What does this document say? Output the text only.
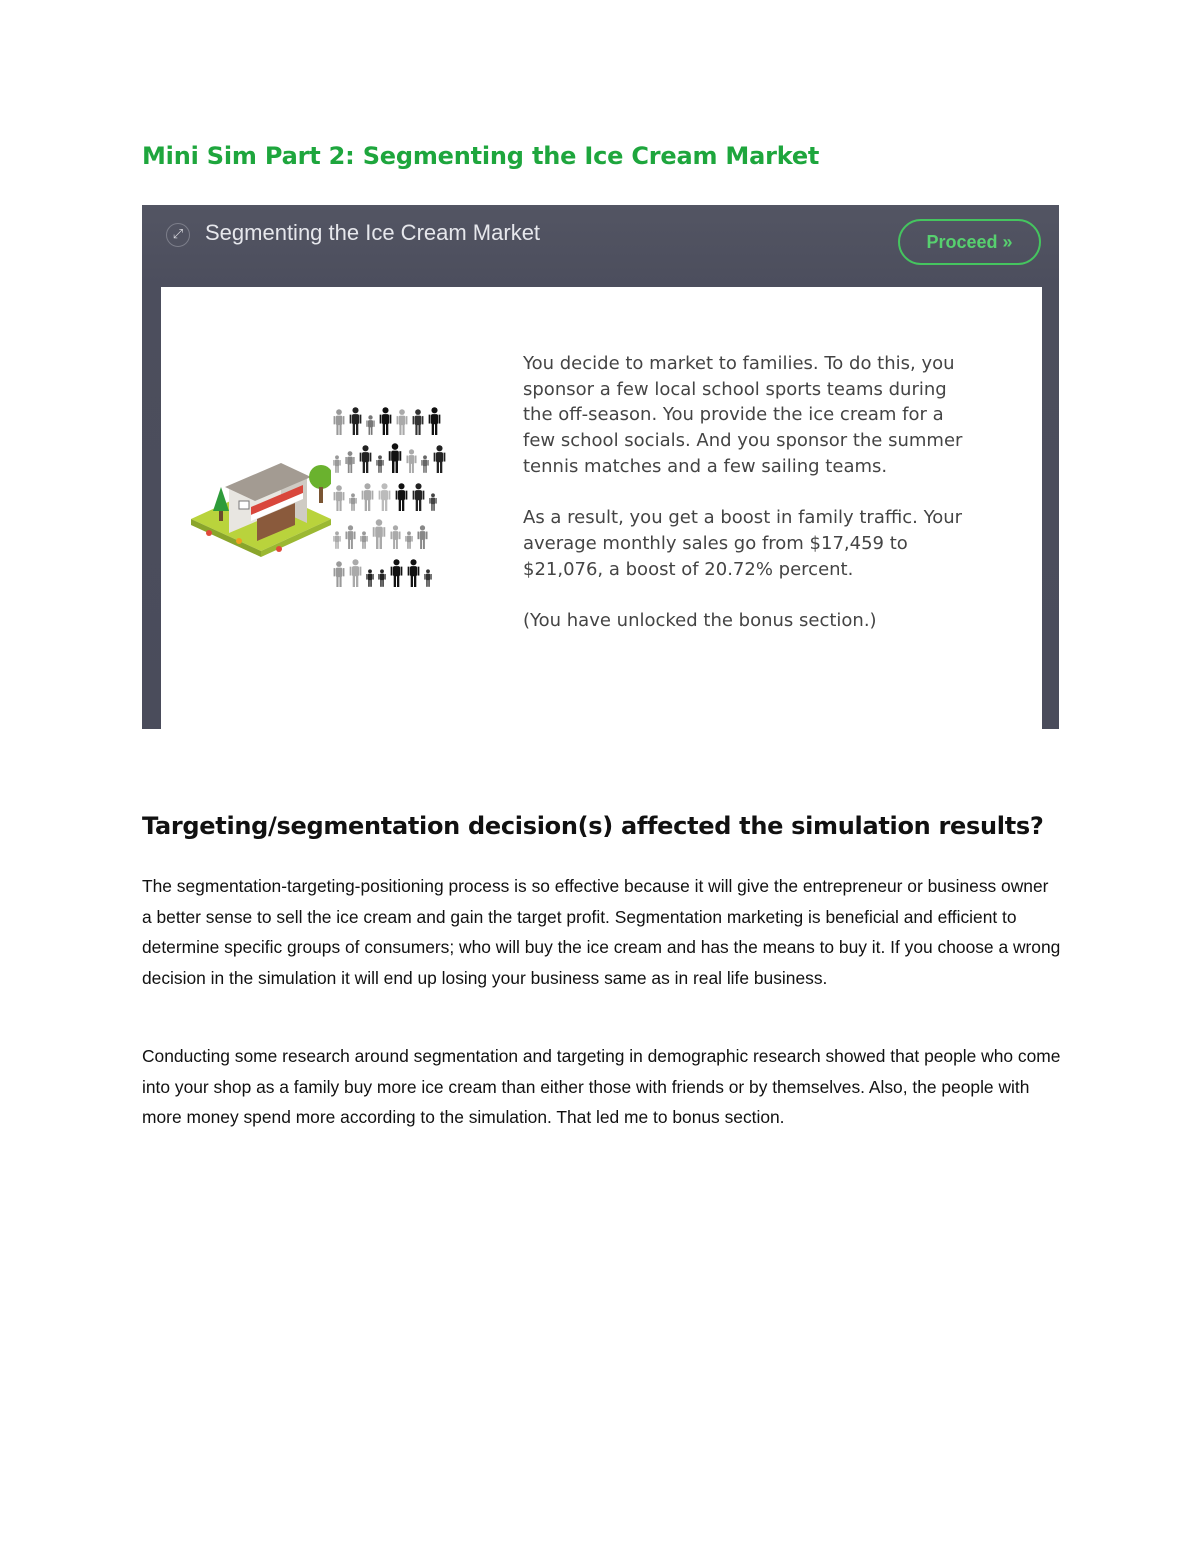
Mini Sim Part 2: Segmenting the Ice Cream Market
⤢ Segmenting the Ice Cream Market	Proceed »

You decide to market to families. To do this, you sponsor a few local school sports teams during the off-season. You provide the ice cream for a few school socials. And you sponsor the summer tennis matches and a few sailing teams.

As a result, you get a boost in family traffic. Your average monthly sales go from $17,459 to $21,076, a boost of 20.72% percent.

(You have unlocked the bonus section.)

Targeting/segmentation decision(s) affected the simulation results?

The segmentation-targeting-positioning process is so effective because it will give the entrepreneur or business owner a better sense to sell the ice cream and gain the target profit. Segmentation marketing is beneficial and efficient to determine specific groups of consumers; who will buy the ice cream and has the means to buy it. If you choose a wrong decision in the simulation it will end up losing your business same as in real life business.

Conducting some research around segmentation and targeting in demographic research showed that people who come into your shop as a family buy more ice cream than either those with friends or by themselves. Also, the people with more money spend more according to the simulation. That led me to bonus section.
